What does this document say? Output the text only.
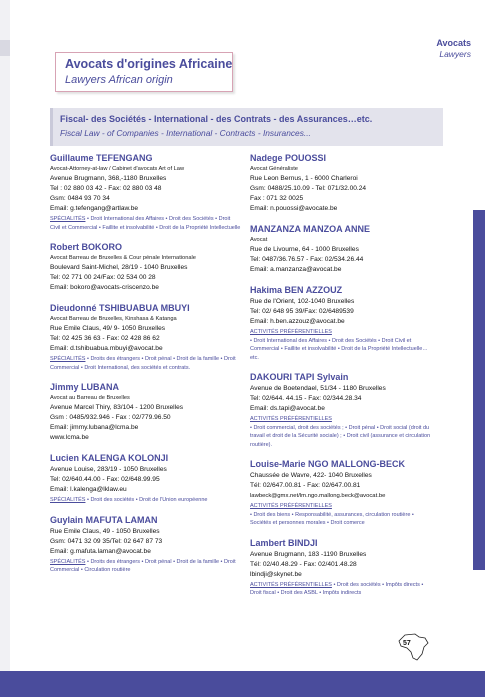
Avocats
Lawyers
Avocats d'origines Africaine
Lawyers African origin
Fiscal- des Sociétés - International - des Contrats - des Assurances…etc.
Fiscal Law - of Companies - International - Contracts - Insurances...
Guillaume TEFENGANG
Avocat-Attorney-at-law / Cabinet d'avocats Art of Law
Avenue Brugmann, 368,-1180 Bruxelles
Tel : 02 880 03 42 - Fax: 02 880 03 48
Gsm: 0484 93 70 34
Email: g.tefengang@artlaw.be
SPÉCIALITÉS • Droit International des Affaires • Droit des Sociétés • Droit Civil et Commercial • Faillite et insolvabilité • Droit de la Propriété Intellectuelle
Robert BOKORO
Avocat Barreau de Bruxelles & Cour pénale Internationale
Boulevard Saint-Michel, 28/19 - 1040 Bruxelles
Tel: 02 771 00 24/Fax: 02 534 00 28
Email: bokoro@avocats-criscenzo.be
Dieudonné TSHIBUABUA MBUYI
Avocat Barreau de Bruxelles, Kinshasa & Katanga
Rue Emile Claus, 49/ 9- 1050 Bruxelles
Tel: 02 425 36 63 - Fax: 02 428 86 62
Email: d.tshibuabua.mbuyi@avocat.be
SPÉCIALITÉS • Droits des étrangers • Droit pénal • Droit de la famille • Droit Commercial • Droit International, des sociétés et contrats.
Jimmy LUBANA
Avocat au Barreau de Bruxelles
Avenue Marcel Thiry, 83/104 - 1200 Bruxelles
Gsm : 0485/932.946 - Fax : 02/779.96.50
Email: jimmy.lubana@lcma.be
www.lcma.be
Lucien KALENGA KOLONJI
Avenue Louise, 283/19 - 1050 Bruxelles
Tel: 02/640.44.00 - Fax: 02/648.99.95
Email: l.kalenga@lklaw.eu
SPÉCIALITÉS • Droit des sociétés • Droit de l'Union européenne
Guylain MAFUTA LAMAN
Rue Emile Claus, 49 - 1050 Bruxelles
Gsm: 0471 32 09 35/Tel: 02 647 87 73
Email: g.mafuta.laman@avocat.be
SPÉCIALITÉS • Droits des étrangers • Droit pénal • Droit de la famille • Droit Commercial • Circulation routière
Nadege POUOSSI
Avocat Généraliste
Rue Leon Bernus, 1 - 6000 Charleroi
Gsm: 0488/25.10.09 - Tel: 071/32.00.24
Fax : 071 32 0025
Email: n.pouossi@avocate.be
MANZANZA MANZOA ANNE
Avocat
Rue de Livourne, 64 - 1000 Bruxelles
Tel: 0487/36.76.57 - Fax: 02/534.26.44
Email: a.manzanza@avocat.be
Hakima BEN AZZOUZ
Rue de l'Orient, 102-1040 Bruxelles
Tel: 02/ 648 95 39/Fax: 02/6489539
Email: h.ben.azzouz@avocat.be
ACTIVITÉS PRÉFÉRENTIELLES
• Droit International des Affaires • Droit des Sociétés • Droit Civil et Commercial • Faillite et insolvabilité • Droit de la Propriété Intellectuelle…etc.
DAKOURI TAPI Sylvain
Avenue de Boetendael, 51/34 - 1180 Bruxelles
Tel: 02/644. 44.15 - Fax: 02/344.28.34
Email: ds.tapi@avocat.be
ACTIVITÉS PRÉFÉRENTIELLES
• Droit commercial, droit des sociétés ; • Droit pénal • Droit social (droit du travail et droit de la Sécurité sociale) ; • Droit civil (assurance et circulation routière).
Louise-Marie NGO MALLONG-BECK
Chaussée de Wavre, 422- 1040 Bruxelles
Tél: 02/647.00.81 - Fax: 02/647.00.81
lawbeck@gmx.net/lm.ngo.mallong.beck@avocat.be
ACTIVITÉS PRÉFÉRENTIELLES
• Droit des biens • Responsabilité, assurances, circulation routière • Sociétés et personnes morales • Droit comerce
Lambert BINDJI
Avenue Brugmann, 183 -1190 Bruxelles
Tél: 02/40.48.29 - Fax: 02/401.48.28
lbindji@skynet.be
ACTIVITÉS PRÉFÉRENTIELLES • Droit des sociétés • Impôts directs • Droit fiscal • Droit des ASBL • Impôts indirects
57
